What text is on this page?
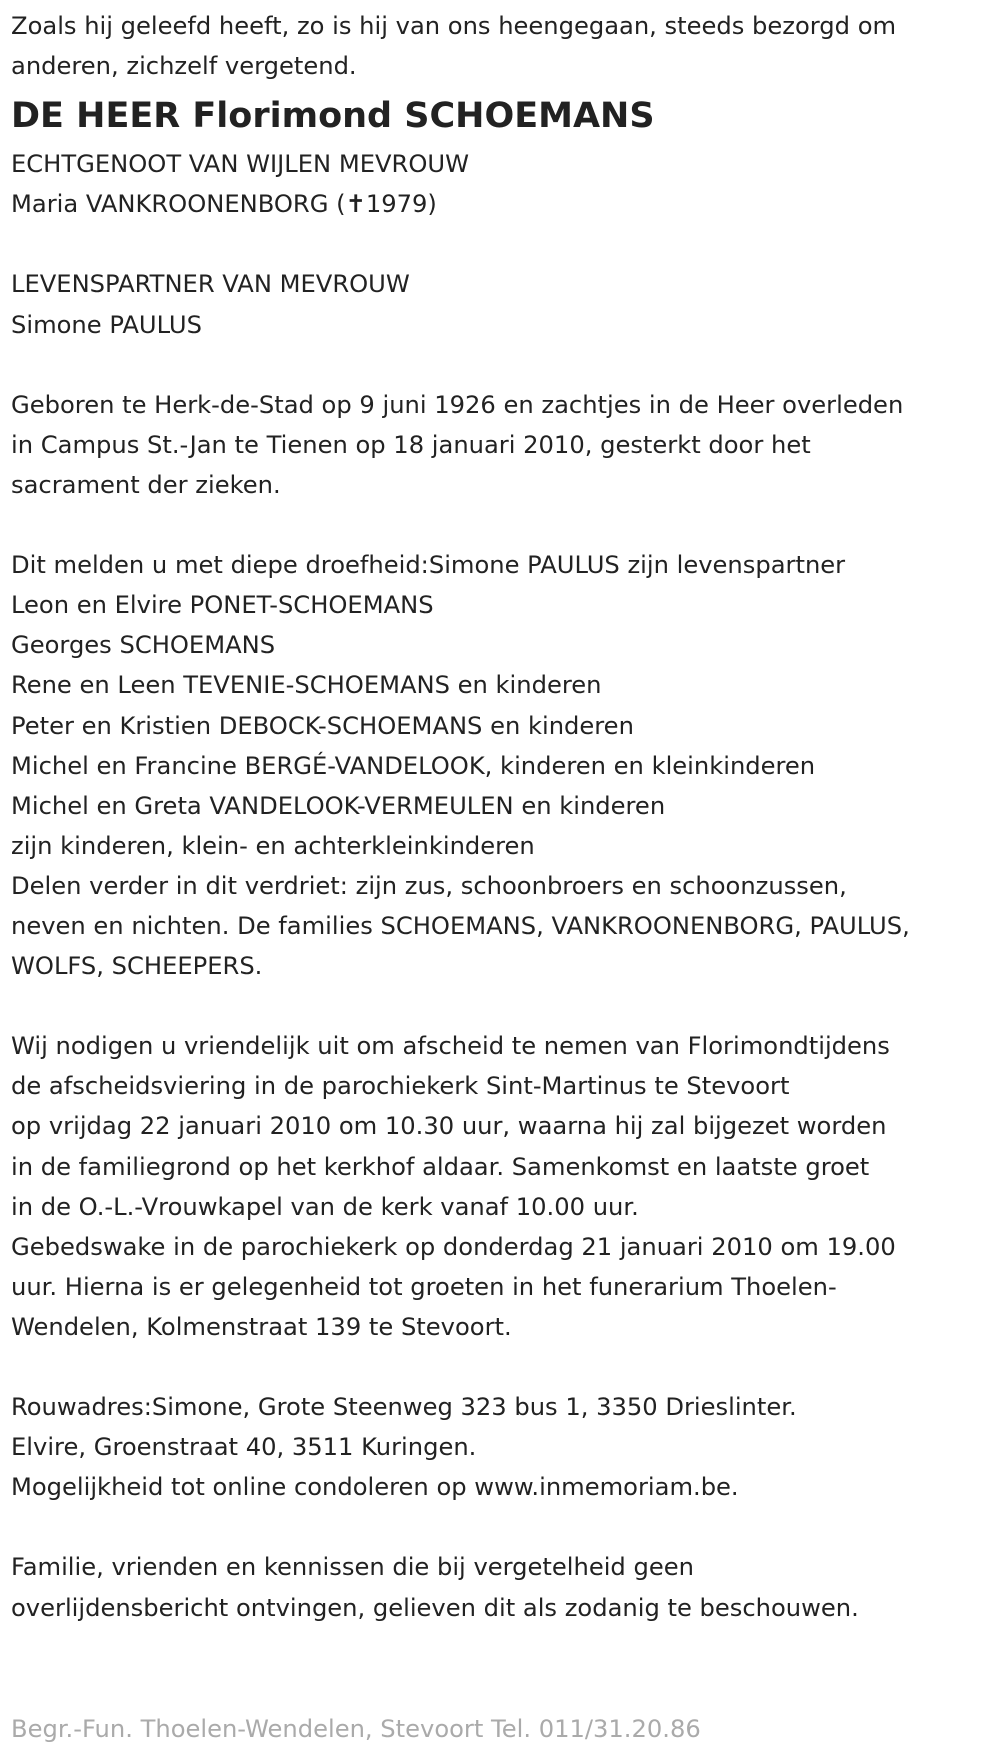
Zoals hij geleefd heeft, zo is hij van ons heengegaan, steeds bezorgd om

anderen, zichzelf vergetend.

DE HEER Florimond SCHOEMANS

ECHTGENOOT VAN WIJLEN MEVROUW

Maria VANKROONENBORG (✝1979)

LEVENSPARTNER VAN MEVROUW

Simone PAULUS

Geboren te Herk-de-Stad op 9 juni 1926 en zachtjes in de Heer overleden

in Campus St.-Jan te Tienen op 18 januari 2010, gesterkt door het

sacrament der zieken.

Dit melden u met diepe droefheid:Simone PAULUS zijn levenspartner

Leon en Elvire PONET-SCHOEMANS

Georges SCHOEMANS

Rene en Leen TEVENIE-SCHOEMANS en kinderen

Peter en Kristien DEBOCK-SCHOEMANS en kinderen

Michel en Francine BERGÉ-VANDELOOK, kinderen en kleinkinderen

Michel en Greta VANDELOOK-VERMEULEN en kinderen

zijn kinderen, klein- en achterkleinkinderen

Delen verder in dit verdriet: zijn zus, schoonbroers en schoonzussen,

neven en nichten. De families SCHOEMANS, VANKROONENBORG, PAULUS,

WOLFS, SCHEEPERS.

Wij nodigen u vriendelijk uit om afscheid te nemen van Florimondtijdens

de afscheidsviering in de parochiekerk Sint-Martinus te Stevoort

op vrijdag 22 januari 2010 om 10.30 uur, waarna hij zal bijgezet worden

in de familiegrond op het kerkhof aldaar. Samenkomst en laatste groet

in de O.-L.-Vrouwkapel van de kerk vanaf 10.00 uur.

Gebedswake in de parochiekerk op donderdag 21 januari 2010 om 19.00

uur. Hierna is er gelegenheid tot groeten in het funerarium Thoelen-

Wendelen, Kolmenstraat 139 te Stevoort.

Rouwadres:Simone, Grote Steenweg 323 bus 1, 3350 Drieslinter.

Elvire, Groenstraat 40, 3511 Kuringen.

Mogelijkheid tot online condoleren op www.inmemoriam.be.

Familie, vrienden en kennissen die bij vergetelheid geen

overlijdensbericht ontvingen, gelieven dit als zodanig te beschouwen.

Begr.-Fun. Thoelen-Wendelen, Stevoort Tel. 011/31.20.86
